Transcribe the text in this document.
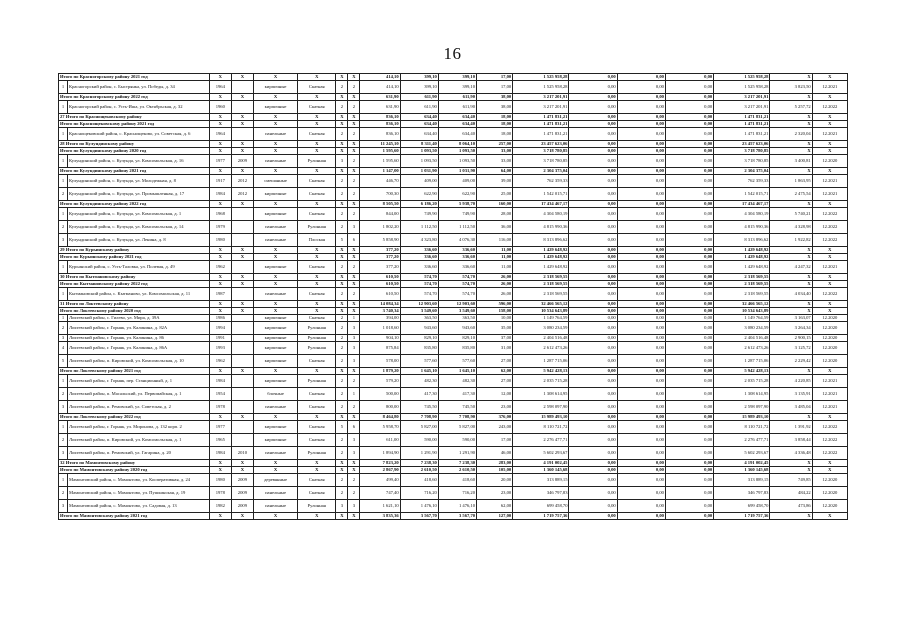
16
Итого по Красногорскому району 2021 год		X	X	X	X	X	X	414,10	399,10	399,10	17,00	1 525 958,28	0,00	0,00	0,00	1 525 958,28	X	X
1	Красногорский район, с. Быстрянка, ул. Победы, д. 34	1964		кирпичные	Скатная	2	2	414,10	399,10	399,10	17,00	1 525 958,28	0,00	0,00	0,00	1 525 958,28	3 823,50	12.2021
Итого по Красногорскому району 2022 год		X	X	X	X	X	X	631,90	611,90	611,90	38,00	3 217 201,91	0,00	0,00	0,00	3 217 201,91	X	X
1	Красногорский район, с. Усть-Иша, ул. Октябрьская, д. 32	1960		кирпичные	Скатная	2	2	631,90	611,90	611,90	38,00	3 217 201,91	0,00	0,00	0,00	3 217 201,91	5 257,72	12.2022
27 Итого по Краснощековскому району		X	X	X	X	X	X	836,10	634,40	634,40	18,00	1 471 831,21	0,00	0,00	0,00	1 471 831,21	X	X
Итого по Краснощековскому району 2021 год		X	X	X	X	X	X	836,10	634,40	634,40	18,00	1 471 831,21	0,00	0,00	0,00	1 471 831,21	X	X
1	Краснощековский район, с. Краснощеково, ул. Советская, д. 6	1964		панельные	Скатная	2	2	836,10	634,40	634,40	18,00	1 471 831,21	0,00	0,00	0,00	1 471 831,21	2 320,04	12.2021
28 Итого по Кулундинскому району		X	X	X	X	X	X	11 245,10	8 311,40	8 064,10	257,00	23 457 623,06	0,00	0,00	0,00	23 457 623,06	X	X
Итого по Кулундинскому району 2020 год		X	X	X	X	X	X	1 595,60	1 093,50	1 093,50	33,00	3 718 780,85	0,00	0,00	0,00	3 718 780,85	X	X
1	Кулундинский район, с. Кулунда, ул. Комсомольская, д. 16	1977	2009	панельные	Рулонная	3	2	1 595,60	1 093,50	1 093,50	33,00	3 718 780,85	0,00	0,00	0,00	3 718 780,85	3 400,81	12.2020
Итого по Кулундинскому району 2021 год		X	X	X	X	X	X	1 147,00	1 031,90	1 031,90	64,00	2 304 375,04	0,00	0,00	0,00	2 304 375,04	X	X
1	Кулундинский район, с. Кулунда, ул. Молодежная, д. 8	1917	2012	смешанные	Скатная	2	2	446,70	409,00	409,00	39,00	762 359,33	0,00	0,00	0,00	762 359,33	1 863,95	12.2021
2	Кулундинский район, с. Кулунда, ул. Промышленная, д. 17	1984	2012	кирпичные	Скатная	2	2	700,30	622,90	622,90	25,00	1 542 015,71	0,00	0,00	0,00	1 542 015,71	2 475,54	12.2021
Итого по Кулундинскому району 2022 год		X	X	X	X	X	X	8 505,50	6 186,20	5 938,70	160,00	17 434 467,17	0,00	0,00	0,00	17 434 467,17	X	X
1	Кулундинский район, с. Кулунда, ул. Комсомольская, д. 1	1968		кирпичные	Скатная	2	2	844,00	749,90	749,90	28,00	4 304 580,19	0,00	0,00	0,00	4 304 580,19	5 740,21	12.2022
2	Кулундинский район, с. Кулунда, ул. Комсомольская, д. 14	1979		панельные	Рулонная	2	3	1 802,20	1 112,50	1 112,50	36,00	4 815 990,36	0,00	0,00	0,00	4 815 990,36	4 328,98	12.2022
3	Кулундинский район, с. Кулунда, ул. Ленина, д. 8	1980		панельные	Плоская	5	6	5 858,90	4 323,80	4 076,30	116,00	8 313 896,62	0,00	0,00	0,00	8 313 896,62	1 922,82	12.2022
29 Итого по Курьинскому району		X	X	X	X	X	X	377,20	336,60	336,60	11,00	1 429 648,92	0,00	0,00	0,00	1 429 648,92	X	X
Итого по Курьинскому району 2021 год		X	X	X	X	X	X	377,20	336,60	336,60	11,00	1 429 648,92	0,00	0,00	0,00	1 429 648,92	X	X
1	Курьинский район, с. Усть-Таловка, ул. Полевая, д. 49	1962		кирпичные	Скатная	2	2	377,20	336,60	336,60	11,00	1 429 648,92	0,00	0,00	0,00	1 429 648,92	4 247,32	12.2021
30 Итого по Кытмановскому району		X	X	X	X	X	X	610,50	574,70	574,70	26,00	2 318 569,55	0,00	0,00	0,00	2 318 569,55	X	X
Итого по Кытмановскому району 2022 год		X	X	X	X	X	X	610,50	574,70	574,70	26,00	2 318 569,55	0,00	0,00	0,00	2 318 569,55	X	X
1	Кытмановский район, с. Кытманово, ул. Комсомольская, д. 11	1987		панельные	Скатная	2	2	610,50	574,70	574,70	26,00	2 318 569,55	0,00	0,00	0,00	2 318 569,55	4 034,40	12.2022
31 Итого по Локтевскому району		X	X	X	X	X	X	14 084,34	12 903,60	12 903,60	596,00	32 466 565,12	0,00	0,00	0,00	32 466 565,12	X	X
Итого по Локтевскому району 2020 год		X	X	X	X	X	X	3 740,34	3 549,60	3 549,60	158,00	10 534 643,89	0,00	0,00	0,00	10 534 643,89	X	X
1	Локтевский район, с. Гилево, ул. Мира, д. 39А	1986		кирпичные	Скатная	2	1	394,00	363,50	363,50	10,00	1 149 764,59	0,00	0,00	0,00	1 149 764,59	3 163,07	12.2020
2	Локтевский район, г. Горняк, ул. Калинина, д. 82А	1994		кирпичные	Рулонная	2	3	1 018,60	943,60	943,60	35,00	3 080 234,59	0,00	0,00	0,00	3 080 234,59	3 264,34	12.2020
3	Локтевский район, г. Горняк, ул. Калинина, д. 86	1991		кирпичные	Рулонная	2	3	904,10	829,10	829,10	37,00	2 404 516,48	0,00	0,00	0,00	2 404 516,48	2 900,15	12.2020
4	Локтевский район, г. Горняк, ул. Калинина, д. 86А	1993		кирпичные	Рулонная	2	3	875,84	835,80	835,80	31,00	2 612 473,26	0,00	0,00	0,00	2 612 473,26	3 125,72	12.2020
5	Локтевский район, п. Кировский, ул. Комсомольская, д. 10	1962		кирпичные	Скатная	2	3	578,00	577,60	577,60	27,00	1 287 715,06	0,00	0,00	0,00	1 287 715,06	2 229,42	12.2020
Итого по Локтевскому району 2021 год		X	X	X	X	X	X	1 879,20	1 645,10	1 645,10	62,00	5 942 428,13	0,00	0,00	0,00	5 942 428,13	X	X
1	Локтевский район, г. Горняк, пер. Станционный, д. 1	1984		кирпичные	Рулонная	2	2	579,20	482,30	482,30	27,00	2 035 715,28	0,00	0,00	0,00	2 035 715,28	4 220,85	12.2021
2	Локтевский район, п. Масальский, ул. Первомайская, д. 1	1954		блочные	Скатная	2	1	500,00	417,30	417,30	12,00	1 308 614,95	0,00	0,00	0,00	1 308 614,95	3 135,91	12.2021
3	Локтевский район, п. Ремовский, ул. Советская, д. 2	1978		панельные	Скатная	2	2	800,00	745,50	745,50	23,00	2 598 097,90	0,00	0,00	0,00	2 598 097,90	3 485,04	12.2021
Итого по Локтевскому району 2022 год		X	X	X	X	X	X	8 464,80	7 708,90	7 708,90	376,00	15 989 493,10	0,00	0,00	0,00	15 989 493,10	X	X
1	Локтевский район, г. Горняк, ул. Миронова, д. 132 корп. 2	1977		кирпичные	Скатная	5	6	5 958,70	5 827,00	5 827,00	243,00	8 110 721,72	0,00	0,00	0,00	8 110 721,72	1 391,92	12.2022
2	Локтевский район, п. Кировский, ул. Комсомольская, д. 1	1965		кирпичные	Скатная	2	3	611,00	590,00	590,00	17,00	2 276 477,71	0,00	0,00	0,00	2 276 477,71	3 858,44	12.2022
3	Локтевский район, п. Ремовский, ул. Гагарина, д. 20	1984	2010	панельные	Рулонная	2	3	1 894,90	1 291,90	1 291,90	46,00	5 602 293,67	0,00	0,00	0,00	5 602 293,67	4 336,48	12.2022
32 Итого по Мамонтовскому району		X	X	X	X	X	X	7 823,20	7 238,30	7 238,30	283,00	4 191 002,45	0,00	0,00	0,00	4 191 002,45	X	X
Итого по Мамонтовскому району 2020 год		X	X	X	X	X	X	2 867,90	2 610,50	2 610,50	105,00	1 360 145,68	0,00	0,00	0,00	1 360 145,68	X	X
1	Мамонтовский район, с. Мамонтово, ул. Кооперативная, д. 24	1980	2009	деревянные	Скатная	2	2	499,40	418,60	418,60	20,00	313 889,15	0,00	0,00	0,00	313 889,15	749,85	12.2020
2	Мамонтовский район, с. Мамонтово, ул. Пушкинская, д. 19	1978	2009	панельные	Скатная	2	2	747,40	716,20	716,20	23,00	346 797,83	0,00	0,00	0,00	346 797,83	484,22	12.2020
3	Мамонтовский район, с. Мамонтово, ул. Садовая, д. 13	1982	2009	панельные	Рулонная	3	3	1 621,10	1 476,10	1 476,10	62,00	699 458,70	0,00	0,00	0,00	699 458,70	473,86	12.2020
Итого по Мамонтовскому району 2021 год		X	X	X	X	X	X	3 835,36	3 567,70	3 567,70	127,00	1 719 757,36	0,00	0,00	0,00	1 719 757,36	X	X
